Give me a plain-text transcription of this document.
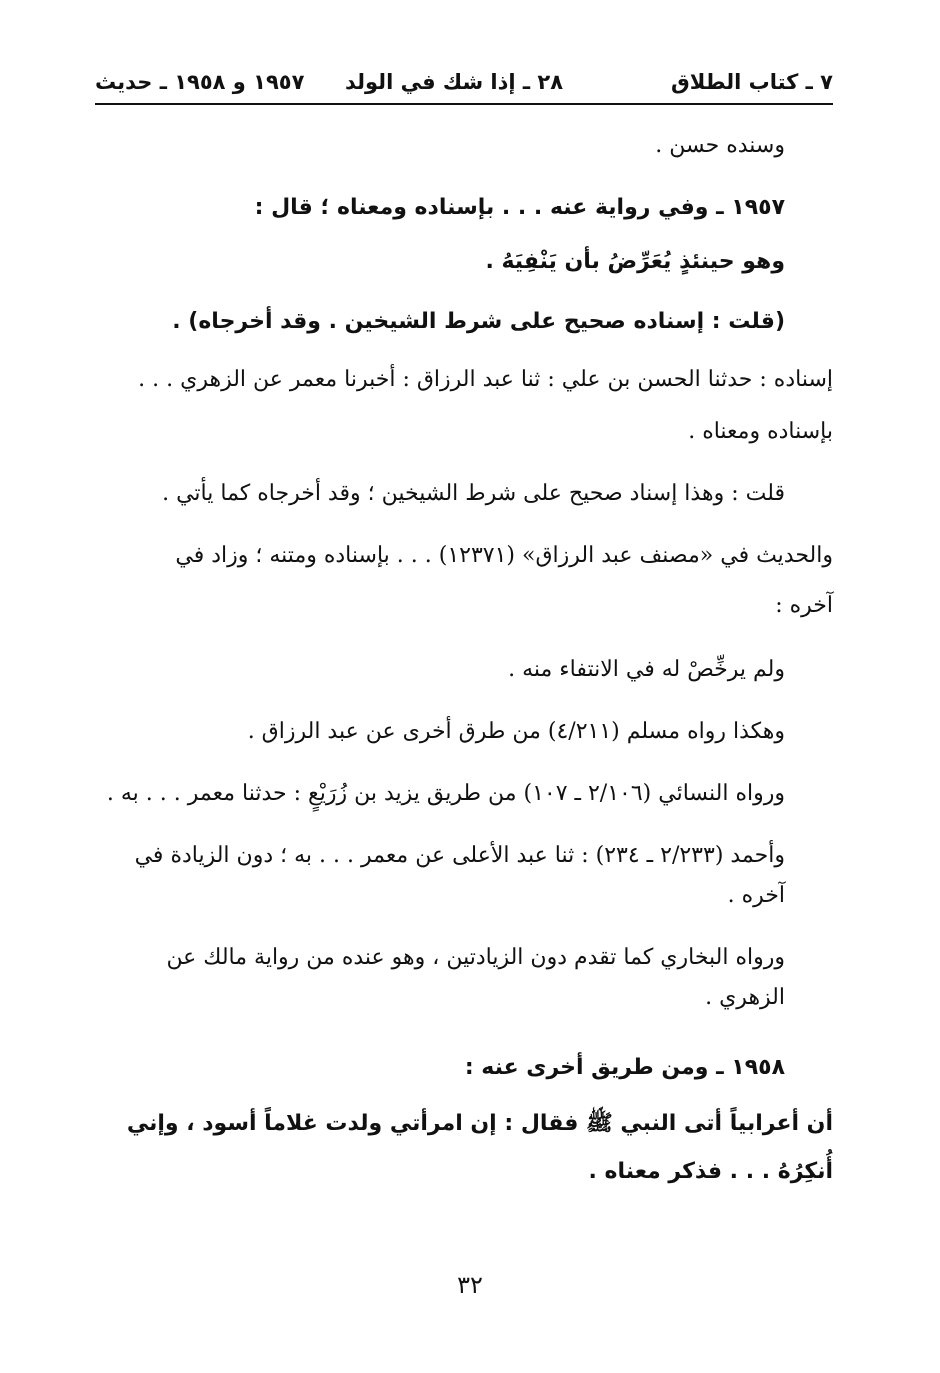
٧ ـ كتاب الطلاق
٢٨ ـ إذا شك في الولد
١٩٥٧ و ١٩٥٨ ـ حديث

وسنده حسن .

١٩٥٧ ـ وفي رواية عنه . . . بإسناده ومعناه ؛ قال :

وهو حينئذٍ يُعَرِّضُ بأن يَنْفِيَهُ .

(قلت : إسناده صحيح على شرط الشيخين . وقد أخرجاه) .

إسناده : حدثنا الحسن بن علي : ثنا عبد الرزاق : أخبرنا معمر عن الزهري . . .

بإسناده ومعناه .

قلت : وهذا إسناد صحيح على شرط الشيخين ؛ وقد أخرجاه كما يأتي .

والحديث في «مصنف عبد الرزاق» (١٢٣٧١) . . . بإسناده ومتنه ؛ وزاد في

آخره :

ولم يرخِّصْ له في الانتفاء منه .

وهكذا رواه مسلم (٤/٢١١) من طرق أخرى عن عبد الرزاق .

ورواه النسائي (٢/١٠٦ ـ ١٠٧) من طريق يزيد بن زُرَيْعٍ : حدثنا معمر . . . به .

وأحمد (٢/٢٣٣ ـ ٢٣٤) : ثنا عبد الأعلى عن معمر . . . به ؛ دون الزيادة في آخره .

ورواه البخاري كما تقدم دون الزيادتين ، وهو عنده من رواية مالك عن الزهري .

١٩٥٨ ـ ومن طريق أخرى عنه :

أن أعرابياً أتى النبي ﷺ فقال : إن امرأتي ولدت غلاماً أسود ، وإني

أُنكِرُهُ . . . فذكر معناه .

٣٢
